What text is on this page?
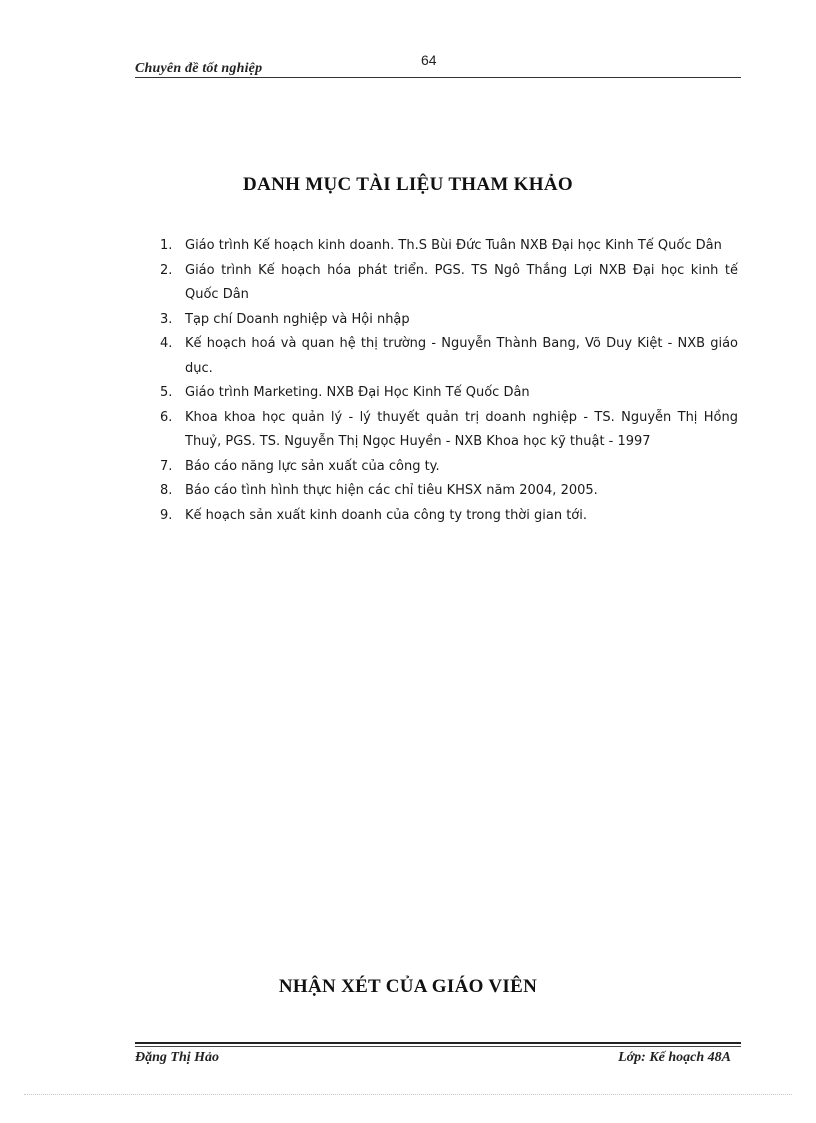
Chuyên đề tốt nghiệp
64
DANH MỤC TÀI LIỆU THAM KHẢO
1. Giáo trình Kế hoạch kinh doanh. Th.S Bùi Đức Tuân NXB Đại học Kinh Tế Quốc Dân
2. Giáo trình Kế hoạch hóa phát triển. PGS. TS Ngô Thắng Lợi NXB Đại học kinh tế Quốc Dân
3. Tạp chí Doanh nghiệp và Hội nhập
4. Kế hoạch hoá và quan hệ thị trường - Nguyễn Thành Bang, Võ Duy Kiệt - NXB giáo dục.
5. Giáo trình Marketing. NXB Đại Học Kinh Tế Quốc Dân
6. Khoa khoa học quản lý - lý thuyết quản trị doanh nghiệp - TS. Nguyễn Thị Hồng Thuỷ, PGS. TS. Nguyễn Thị Ngọc Huyền - NXB Khoa học kỹ thuật - 1997
7. Báo cáo năng lực sản xuất của công ty.
8. Báo cáo tình hình thực hiện các chỉ tiêu KHSX năm 2004, 2005.
9. Kế hoạch sản xuất kinh doanh của công ty trong thời gian tới.
NHẬN XÉT CỦA GIÁO VIÊN
Đặng Thị Hảo	Lớp: Kế hoạch 48A
